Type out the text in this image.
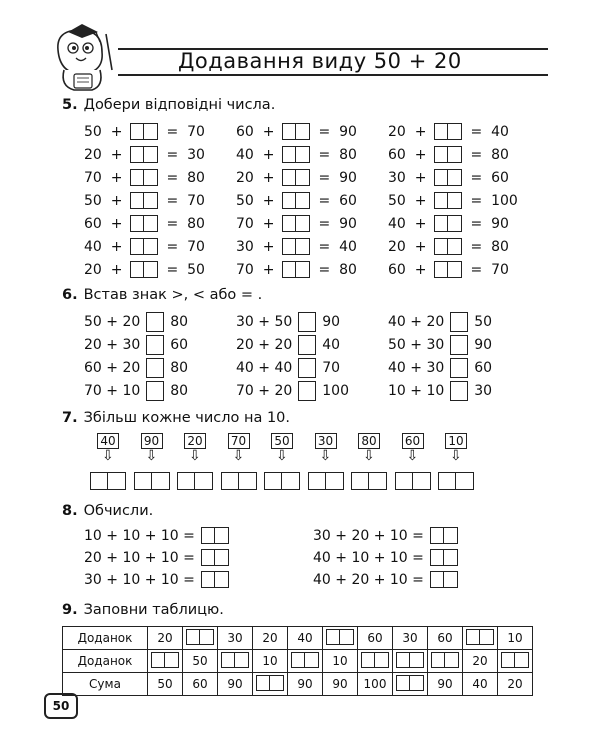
Додавання виду 50 + 20
5. Добери відповідні числа.
50 +	= 70
20 +	= 30
70 +	= 80
50 +	= 70
60 +	= 80
40 +	= 70
20 +	= 50
60 +	= 90
40 +	= 80
20 +	= 90
50 +	= 60
70 +	= 90
30 +	= 40
70 +	= 80
20 +	= 40
60 +	= 80
30 +	= 60
50 +	= 100
40 +	= 90
20 +	= 80
60 +	= 70
6. Встав знак >, < або = .
50 + 20 80
20 + 30 60
60 + 20 80
70 + 10 80
30 + 50 90
20 + 20 40
40 + 40 70
70 + 20 100
40 + 20 50
50 + 30 90
40 + 30 60
10 + 10 30
7. Збільш кожне число на 10.
40
⇩
90
⇩
20
⇩
70
⇩
50
⇩
30
⇩
80
⇩
60
⇩
10
⇩
8. Обчисли.
10 + 10 + 10 =
20 + 10 + 10 =
30 + 10 + 10 =
30 + 20 + 10 =
40 + 10 + 10 =
40 + 20 + 10 =
9. Заповни таблицю.
Доданок	20		30	20	40		60	30	60		10
Доданок		50		10		10				20	

Сума	50	60	90		90	90	100		90	40	20
50
